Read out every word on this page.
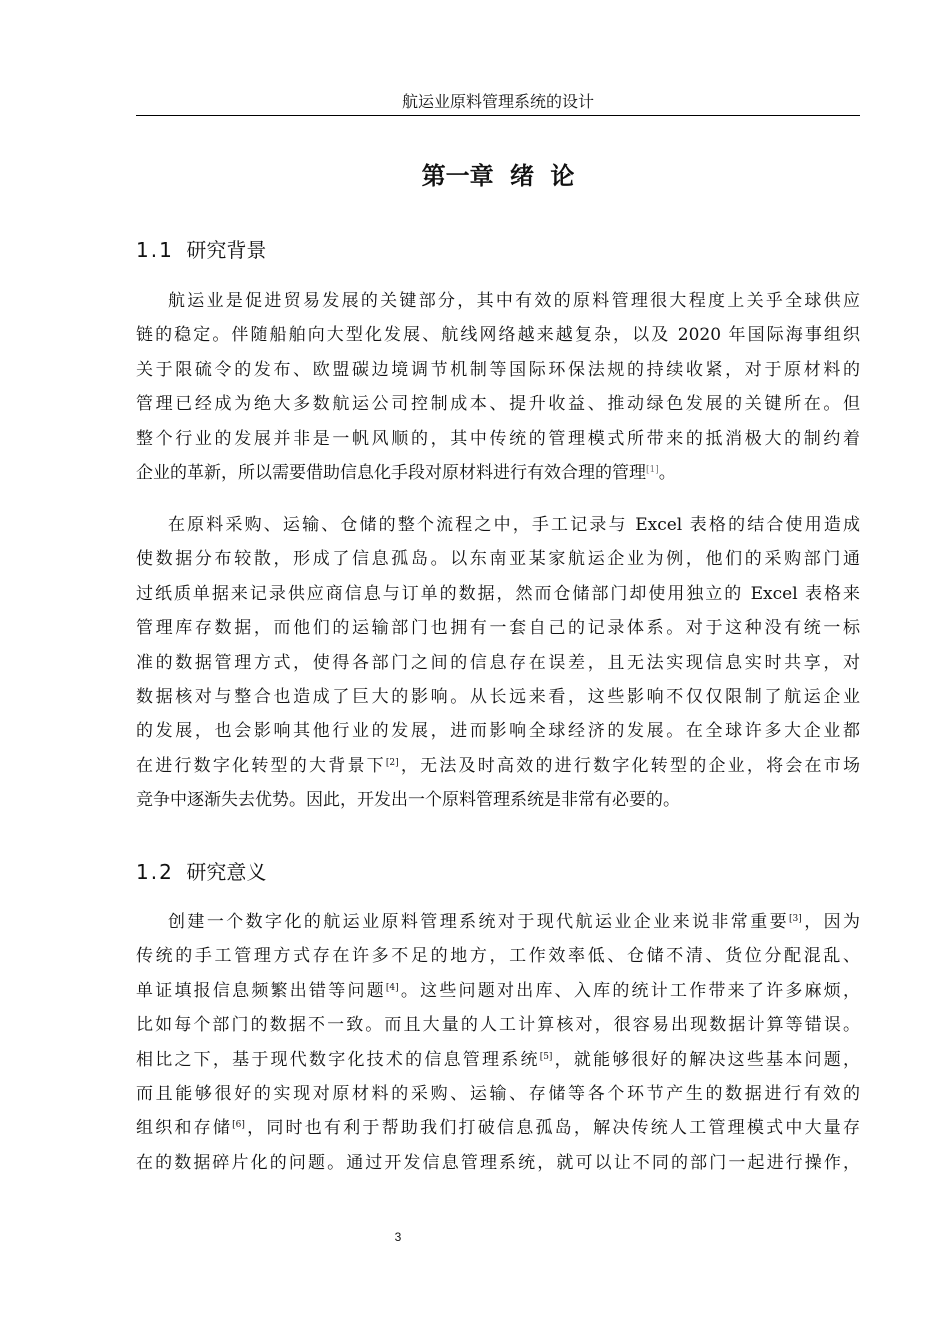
航运业原料管理系统的设计
第一章 绪 论
1.1 研究背景
航运业是促进贸易发展的关键部分，其中有效的原料管理很大程度上关乎全球供应
链的稳定。伴随船舶向大型化发展、航线网络越来越复杂，以及 2020 年国际海事组织
关于限硫令的发布、欧盟碳边境调节机制等国际环保法规的持续收紧，对于原材料的
管理已经成为绝大多数航运公司控制成本、提升收益、推动绿色发展的关键所在。但
整个行业的发展并非是一帆风顺的，其中传统的管理模式所带来的抵消极大的制约着
企业的革新，所以需要借助信息化手段对原材料进行有效合理的管理[1]。
在原料采购、运输、仓储的整个流程之中，手工记录与 Excel 表格的结合使用造成
使数据分布较散，形成了信息孤岛。以东南亚某家航运企业为例，他们的采购部门通
过纸质单据来记录供应商信息与订单的数据，然而仓储部门却使用独立的 Excel 表格来
管理库存数据，而他们的运输部门也拥有一套自己的记录体系。对于这种没有统一标
准的数据管理方式，使得各部门之间的信息存在误差，且无法实现信息实时共享，对
数据核对与整合也造成了巨大的影响。从长远来看，这些影响不仅仅限制了航运企业
的发展，也会影响其他行业的发展，进而影响全球经济的发展。在全球许多大企业都
在进行数字化转型的大背景下[2]，无法及时高效的进行数字化转型的企业，将会在市场
竞争中逐渐失去优势。因此，开发出一个原料管理系统是非常有必要的。
1.2 研究意义
创建一个数字化的航运业原料管理系统对于现代航运业企业来说非常重要[3]，因为
传统的手工管理方式存在许多不足的地方，工作效率低、仓储不清、货位分配混乱、
单证填报信息频繁出错等问题[4]。这些问题对出库、入库的统计工作带来了许多麻烦，
比如每个部门的数据不一致。而且大量的人工计算核对，很容易出现数据计算等错误。
相比之下，基于现代数字化技术的信息管理系统[5]，就能够很好的解决这些基本问题，
而且能够很好的实现对原材料的采购、运输、存储等各个环节产生的数据进行有效的
组织和存储[6]，同时也有利于帮助我们打破信息孤岛，解决传统人工管理模式中大量存
在的数据碎片化的问题。通过开发信息管理系统，就可以让不同的部门一起进行操作，
3
